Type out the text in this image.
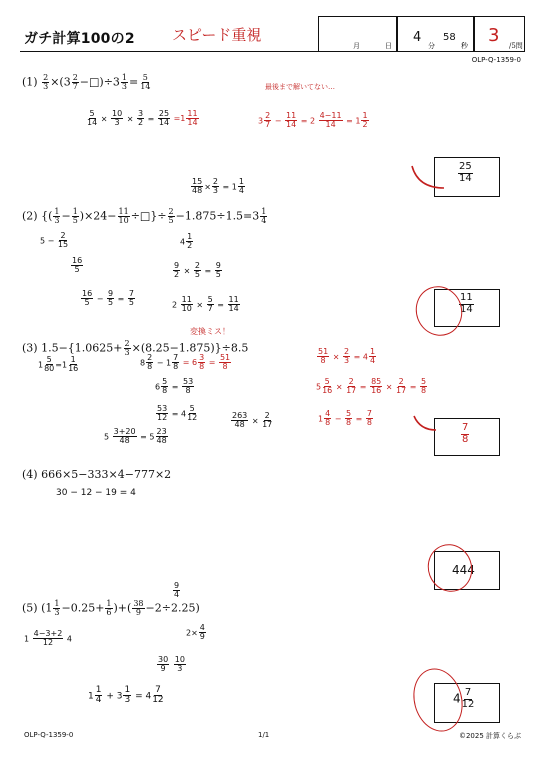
ガチ計算100の2 スピード重視
月	日
4
分
58
秒 3 /5問
OLP-Q-1359-0
$(1) \frac{2}{3} \times(3 \frac{2}{7}$ −□)÷3 $\frac{1}{3} = \frac{5}{14}$
$\frac{5}{14} \times \frac{10}{3} \times \frac{3}{2} = \frac{25}{14} =1 \frac{11}{14}$
最後まで解いてない…
$3 \frac{2}{7} - \frac{11}{14} = 2 \frac{4-11}{14} = 1 \frac{1}{2}$
$\frac{25}{14}$
(2) {( $\frac{1}{3} - \frac{1}{5} )\times 24- \frac{11}{10}$ ÷□}÷ $\frac{2}{5} -1.875\div 1.5=3 \frac{1}{4}$
$\frac{15}{48} \times \frac{2}{3} = 1 \frac{1}{4}$
$5 - \frac{2}{15}$
$\frac{16}{5}$
$4 \frac{1}{2}$
$\frac{9}{2} \times \frac{2}{5} = \frac{9}{5}$
$\frac{16}{5} - \frac{9}{5} = \frac{7}{5}$	$2 \frac{11}{10} \times \frac{5}{7} = \frac{11}{14}$	$\frac{11}{14}$
変換ミス！
(3) $1.5-\{1.0625+ \frac{2}{3} \times(8.25-1.875)\}\div 8.5$
$1 \frac{5}{80} =1 \frac{1}{16}$	$8 \frac{2}{8} - 1 \frac{7}{8} = 6 \frac{3}{8} = \frac{51}{8}$
$6 \frac{5}{8} = \frac{53}{8}$
$\frac{53}{12} = 4 \frac{5}{12}$	$\frac{263}{48} \times \frac{2}{17}$
$5 \frac{3+20}{48} = 5 \frac{23}{48}$
$\frac{51}{8} \times \frac{2}{3} = 4 \frac{1}{4}$
$5 \frac{5}{16} \times \frac{2}{17} = \frac{85}{16} \times \frac{2}{17} = \frac{5}{8}$
$1 \frac{4}{8} - \frac{5}{8} = \frac{7}{8}$
$\frac{7}{8}$
(4) 666×5−333×4−777×2
30 − 12 − 19 = 4
444
(5) ($1 \frac{1}{3} -0.25+ \frac{1}{6}$ )+( $\frac{38}{9} -2\div 2.25$)
$\frac{9}{4}$
$1 \frac{4-3+2}{12} 4$
$2\times \frac{4}{9}$
$\frac{30}{9}$
$\frac{10}{3}$
$1 \frac{1}{4} + 3 \frac{1}{3} = 4 \frac{7}{12}$	$4 \frac{7}{12}$
OLP-Q-1359-0	1/1	©2025 計算くらぶ
